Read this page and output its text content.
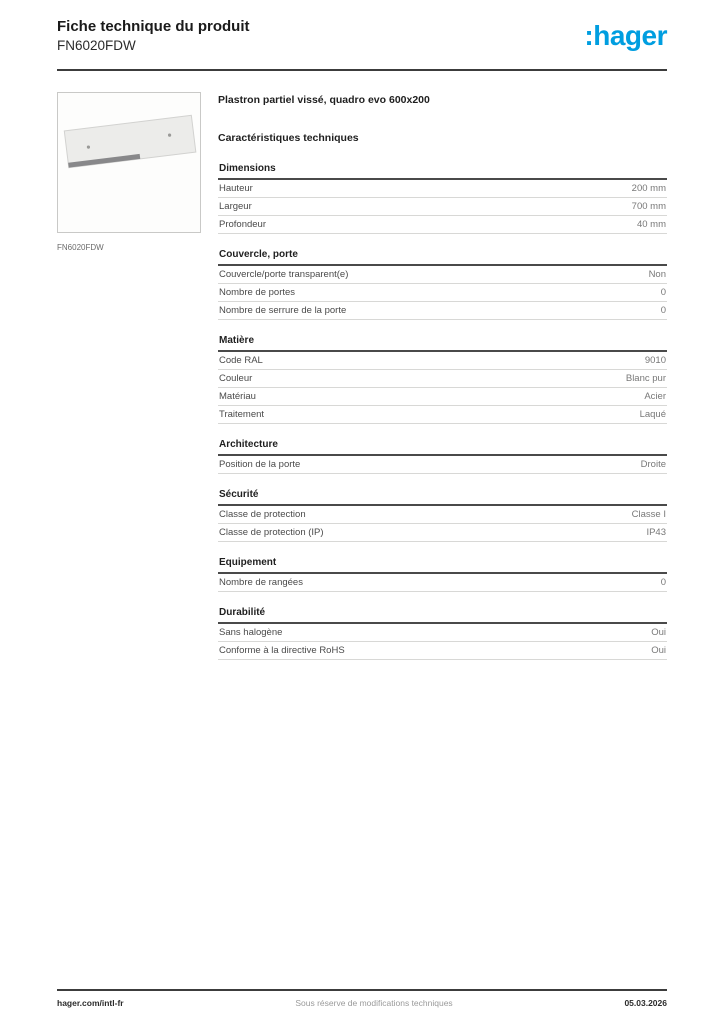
Fiche technique du produit
FN6020FDW	:hager
FN6020FDW
Plastron partiel vissé, quadro evo 600x200
Caractéristiques techniques
Dimensions
Hauteur	200 mm
Largeur	700 mm
Profondeur	40 mm
Couvercle, porte
Couvercle/porte transparent(e)	Non
Nombre de portes	0
Nombre de serrure de la porte	0
Matière
Code RAL	9010
Couleur	Blanc pur
Matériau	Acier
Traitement	Laqué
Architecture
Position de la porte	Droite
Sécurité
Classe de protection	Classe I
Classe de protection (IP)	IP43
Equipement
Nombre de rangées	0
Durabilité
Sans halogène	Oui
Conforme à la directive RoHS	Oui
hager.com/intl-fr	Sous réserve de modifications techniques	05.03.2026
